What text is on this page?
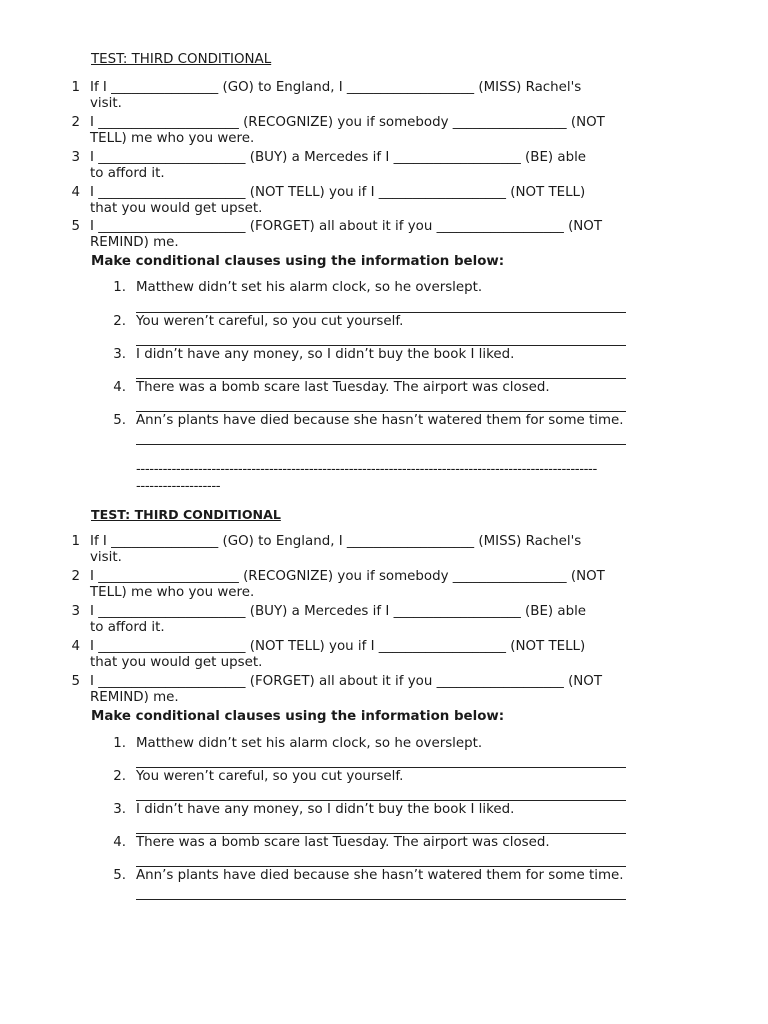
TEST: THIRD CONDITIONAL
1 If I ________________ (GO) to England, I ___________________ (MISS) Rachel's
visit.
2 I _____________________ (RECOGNIZE) you if somebody _________________ (NOT
TELL) me who you were.
3 I ______________________ (BUY) a Mercedes if I ___________________ (BE) able
to afford it.
4 I ______________________ (NOT TELL) you if I ___________________ (NOT TELL)
that you would get upset.
5 I ______________________ (FORGET) all about it if you ___________________ (NOT
REMIND) me.
Make conditional clauses using the information below:
1. Matthew didn’t set his alarm clock, so he overslept.
2. You weren’t careful, so you cut yourself.
3. I didn’t have any money, so I didn’t buy the book I liked.
4. There was a bomb scare last Tuesday. The airport was closed.
5. Ann’s plants have died because she hasn’t watered them for some time.
--------------------------------------------------------------------------------------------------------
-------------------
TEST: THIRD CONDITIONAL
1 If I ________________ (GO) to England, I ___________________ (MISS) Rachel's
visit.
2 I _____________________ (RECOGNIZE) you if somebody _________________ (NOT
TELL) me who you were.
3 I ______________________ (BUY) a Mercedes if I ___________________ (BE) able
to afford it.
4 I ______________________ (NOT TELL) you if I ___________________ (NOT TELL)
that you would get upset.
5 I ______________________ (FORGET) all about it if you ___________________ (NOT
REMIND) me.
Make conditional clauses using the information below:
1. Matthew didn’t set his alarm clock, so he overslept.
2. You weren’t careful, so you cut yourself.
3. I didn’t have any money, so I didn’t buy the book I liked.
4. There was a bomb scare last Tuesday. The airport was closed.
5. Ann’s plants have died because she hasn’t watered them for some time.
